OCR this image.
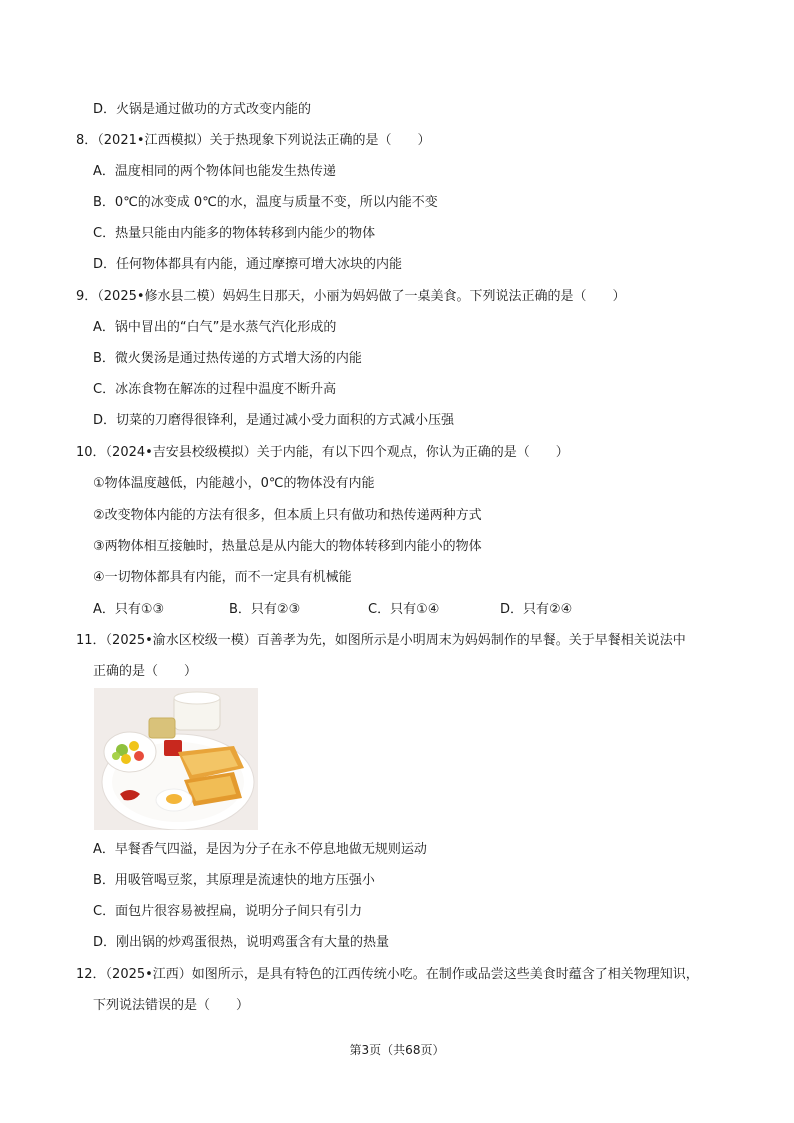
D．火锅是通过做功的方式改变内能的
8．（2021•江西模拟）关于热现象下列说法正确的是（　　）
A．温度相同的两个物体间也能发生热传递
B．0℃的冰变成 0℃的水，温度与质量不变，所以内能不变
C．热量只能由内能多的物体转移到内能少的物体
D．任何物体都具有内能，通过摩擦可增大冰块的内能
9．（2025•修水县二模）妈妈生日那天，小丽为妈妈做了一桌美食。下列说法正确的是（　　）
A．锅中冒出的“白气”是水蒸气汽化形成的
B．微火煲汤是通过热传递的方式增大汤的内能
C．冰冻食物在解冻的过程中温度不断升高
D．切菜的刀磨得很锋利，是通过减小受力面积的方式减小压强
10．（2024•吉安县校级模拟）关于内能，有以下四个观点，你认为正确的是（　　）
①物体温度越低，内能越小，0℃的物体没有内能
②改变物体内能的方法有很多，但本质上只有做功和热传递两种方式
③两物体相互接触时，热量总是从内能大的物体转移到内能小的物体
④一切物体都具有内能，而不一定具有机械能
A．只有①③	B．只有②③	C．只有①④	D．只有②④
11．（2025•渝水区校级一模）百善孝为先，如图所示是小明周末为妈妈制作的早餐。关于早餐相关说法中
正确的是（　　）
A．早餐香气四溢，是因为分子在永不停息地做无规则运动
B．用吸管喝豆浆，其原理是流速快的地方压强小
C．面包片很容易被捏扁，说明分子间只有引力
D．刚出锅的炒鸡蛋很热，说明鸡蛋含有大量的热量
12．（2025•江西）如图所示，是具有特色的江西传统小吃。在制作或品尝这些美食时蕴含了相关物理知识，
下列说法错误的是（　　）
第3页（共68页）
